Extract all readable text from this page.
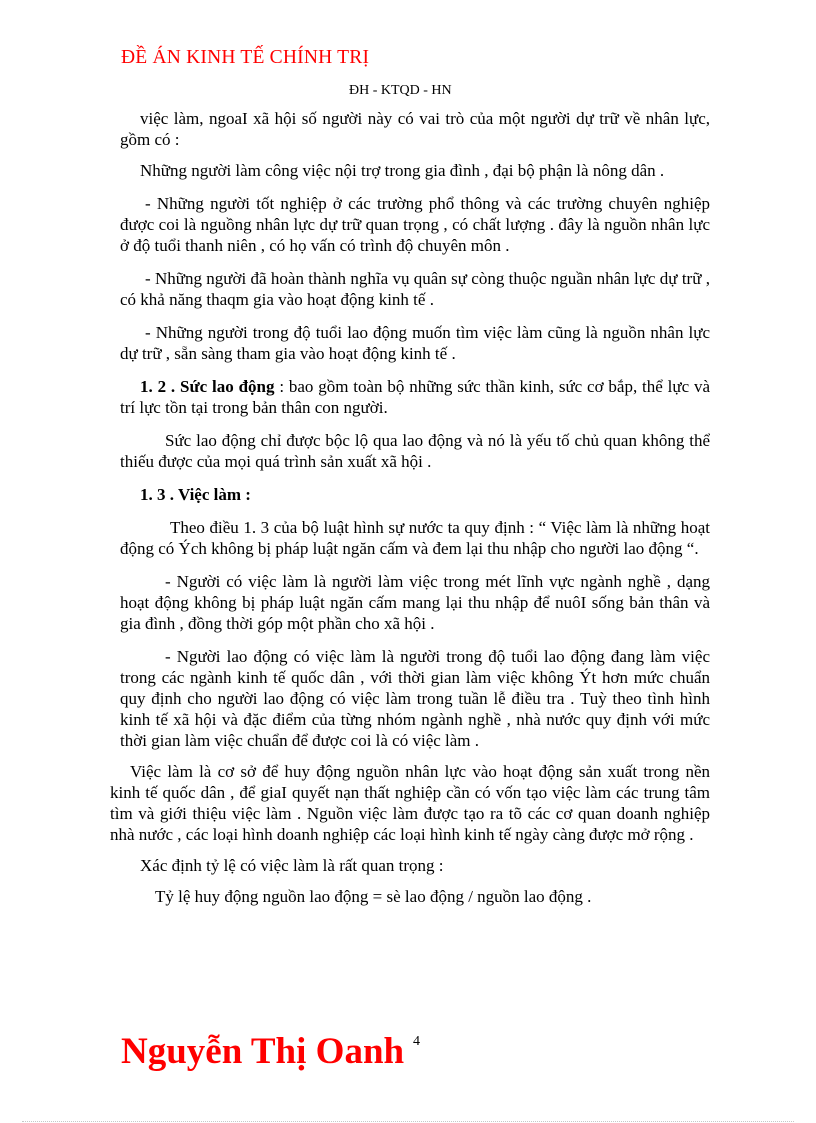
ĐỀ ÁN KINH TẾ CHÍNH TRỊ
ĐH - KTQD - HN

việc làm, ngoaI xã hội số người này có vai trò của một người dự trữ về nhân lực, gồm có :

Những người làm công việc nội trợ trong gia đình , đại bộ phận là nông dân .

- Những người tốt nghiệp ở các trường phổ thông và các trường chuyên nghiệp được coi là nguồng nhân lực dự trữ quan trọng , có chất lượng . đây là nguồn nhân lực ở độ tuổi thanh niên , có họ vấn có trình độ chuyên môn .

- Những người đã hoàn thành nghĩa vụ quân sự còng thuộc nguần nhân lực dự trữ , có khả năng thaqm gia vào hoạt động kinh tế .

- Những người trong độ tuổi lao động muốn tìm việc làm cũng là nguồn nhân lực dự trữ , sẵn sàng tham gia vào hoạt động kinh tế .

1. 2 . Sức lao động : bao gồm toàn bộ những sức thần kinh, sức cơ bắp, thể lực và trí lực tồn tại trong bản thân con người.

Sức lao động chỉ được bộc lộ qua lao động và nó là yếu tố chủ quan không thể thiếu được của mọi quá trình sản xuất xã hội .

1. 3 . Việc làm :

Theo điều 1. 3 của bộ luật hình sự nước ta quy định : “ Việc làm là những hoạt động có Ých không bị pháp luật ngăn cấm và đem lại thu nhập cho người lao động “.

- Người có việc làm là người làm việc trong mét lĩnh vực ngành nghề , dạng hoạt động không bị pháp luật ngăn cấm mang lại thu nhập để nuôI sống bản thân và gia đình , đồng thời góp một phần cho xã hội .

- Người lao động có việc làm là người trong độ tuổi lao động đang làm việc trong các ngành kinh tế quốc dân , với thời gian làm việc không Ýt hơn mức chuẩn quy định cho người lao động có việc làm trong tuần lễ điều tra . Tuỳ theo tình hình kinh tế xã hội và đặc điểm của từng nhóm ngành nghề , nhà nước quy định với mức thời gian làm việc chuẩn để được coi là có việc làm .

Việc làm là cơ sở để huy động nguồn nhân lực vào hoạt động sản xuất trong nền kinh tế quốc dân , để giaI quyết nạn thất nghiệp cần có vốn tạo việc làm các trung tâm tìm và giới thiệu việc làm . Nguồn việc làm được tạo ra tõ các cơ quan doanh nghiệp nhà nước , các loại hình doanh nghiệp các loại hình kinh tế ngày càng được mở rộng .

Xác định tỷ lệ có việc làm là rất quan trọng :

Tỷ lệ huy động nguồn lao động = sè lao động / nguồn lao động .

Nguyễn Thị Oanh 4
